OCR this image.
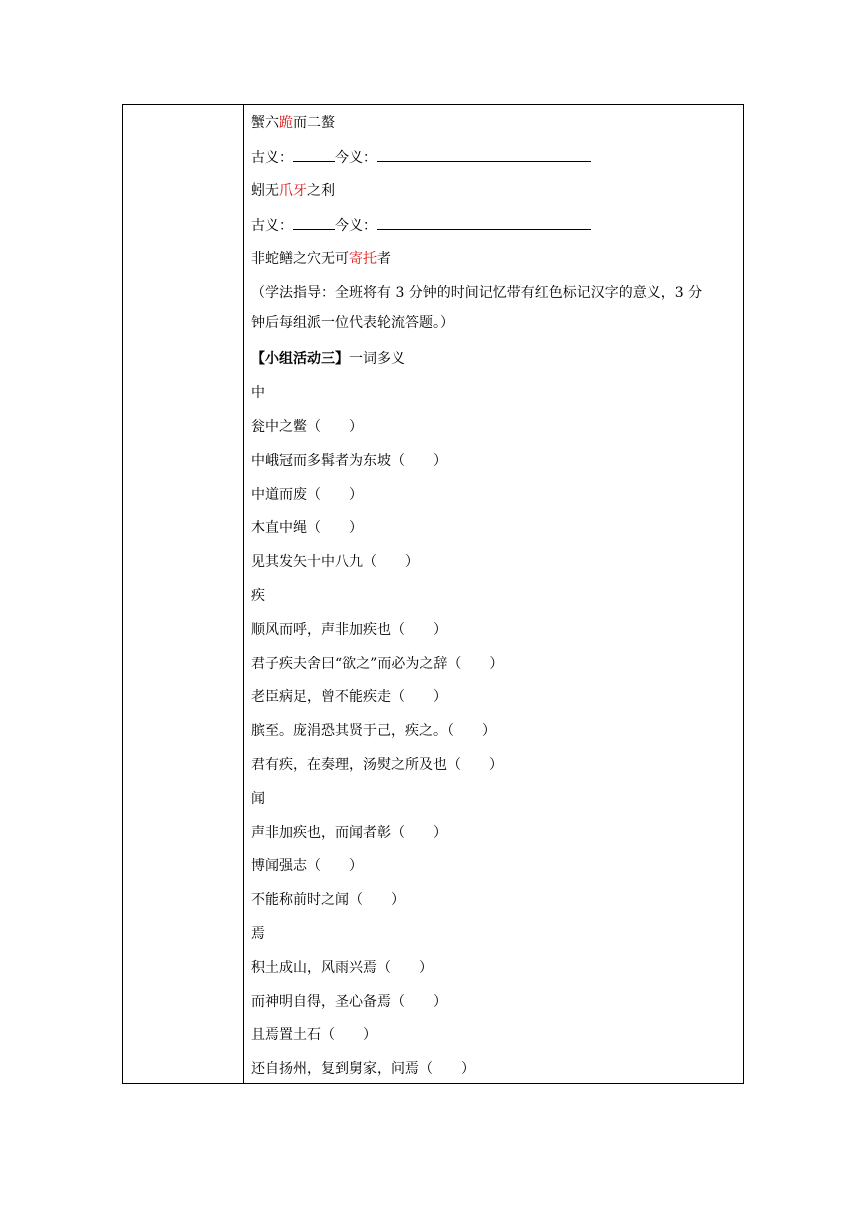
蟹六跪而二螯
古义：	今义：
蚓无爪牙之利
古义：	今义：
非蛇鳝之穴无可寄托者
（学法指导：全班将有 3 分钟的时间记忆带有红色标记汉字的意义，3 分
钟后每组派一位代表轮流答题。）
【小组活动三】一词多义
中
瓮中之鳖（　　）
中峨冠而多髯者为东坡（　　）
中道而废（　　）
木直中绳（　　）
见其发矢十中八九（　　）
疾
顺风而呼，声非加疾也（　　）
君子疾夫舍曰“欲之”而必为之辞（　　）
老臣病足，曾不能疾走（　　）
膑至。庞涓恐其贤于己，疾之。（　　）
君有疾，在奏理，汤熨之所及也（　　）
闻
声非加疾也，而闻者彰（　　）
博闻强志（　　）
不能称前时之闻（　　）
焉
积土成山，风雨兴焉（　　）
而神明自得，圣心备焉（　　）
且焉置土石（　　）
还自扬州，复到舅家，问焉（　　）
